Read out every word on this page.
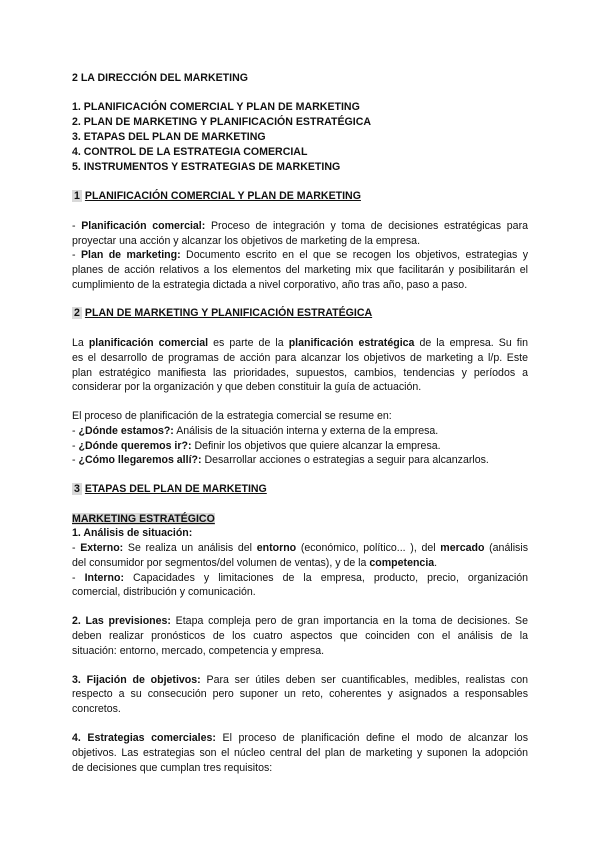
2 LA DIRECCIÓN DEL MARKETING
1. PLANIFICACIÓN COMERCIAL Y PLAN DE MARKETING
2. PLAN DE MARKETING Y PLANIFICACIÓN ESTRATÉGICA
3. ETAPAS DEL PLAN DE MARKETING
4. CONTROL DE LA ESTRATEGIA COMERCIAL
5. INSTRUMENTOS Y ESTRATEGIAS DE MARKETING
1 PLANIFICACIÓN COMERCIAL Y PLAN DE MARKETING
- Planificación comercial: Proceso de integración y toma de decisiones estratégicas para
proyectar una acción y alcanzar los objetivos de marketing de la empresa.
- Plan de marketing: Documento escrito en el que se recogen los objetivos, estrategias y
planes de acción relativos a los elementos del marketing mix que facilitarán y posibilitarán el
cumplimiento de la estrategia dictada a nivel corporativo, año tras año, paso a paso.
2 PLAN DE MARKETING Y PLANIFICACIÓN ESTRATÉGICA
La planificación comercial es parte de la planificación estratégica de la empresa. Su fin
es el desarrollo de programas de acción para alcanzar los objetivos de marketing a l/p. Este
plan estratégico manifiesta las prioridades, supuestos, cambios, tendencias y períodos a
considerar por la organización y que deben constituir la guía de actuación.
El proceso de planificación de la estrategia comercial se resume en:
- ¿Dónde estamos?: Análisis de la situación interna y externa de la empresa.
- ¿Dónde queremos ir?: Definir los objetivos que quiere alcanzar la empresa.
- ¿Cómo llegaremos allí?: Desarrollar acciones o estrategias a seguir para alcanzarlos.
3 ETAPAS DEL PLAN DE MARKETING
MARKETING ESTRATÉGICO
1. Análisis de situación:
- Externo: Se realiza un análisis del entorno (económico, político... ), del mercado (análisis
del consumidor por segmentos/del volumen de ventas), y de la competencia.
- Interno: Capacidades y limitaciones de la empresa, producto, precio, organización
comercial, distribución y comunicación.
2. Las previsiones: Etapa compleja pero de gran importancia en la toma de decisiones. Se
deben realizar pronósticos de los cuatro aspectos que coinciden con el análisis de la
situación: entorno, mercado, competencia y empresa.
3. Fijación de objetivos: Para ser útiles deben ser cuantificables, medibles, realistas con
respecto a su consecución pero suponer un reto, coherentes y asignados a responsables
concretos.
4. Estrategias comerciales: El proceso de planificación define el modo de alcanzar los
objetivos. Las estrategias son el núcleo central del plan de marketing y suponen la adopción
de decisiones que cumplan tres requisitos:
